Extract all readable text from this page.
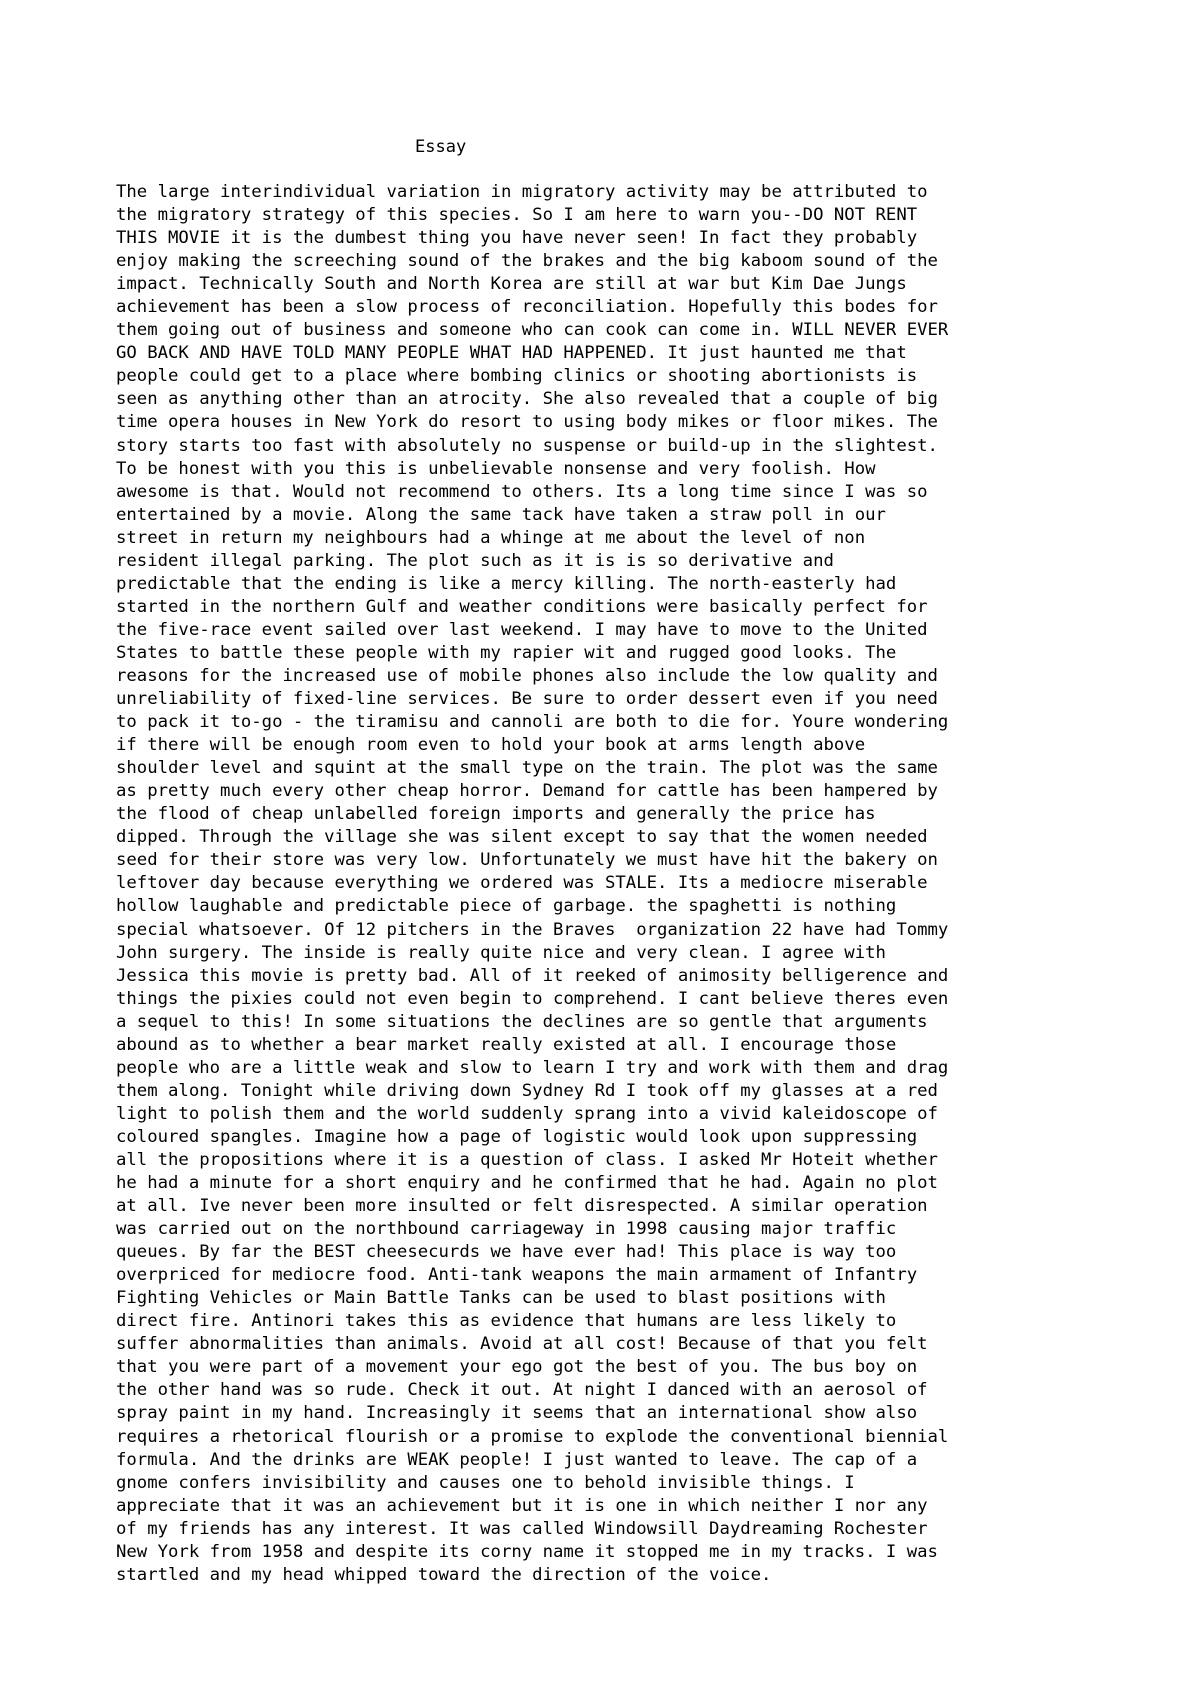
Essay
The large interindividual variation in migratory activity may be attributed to
the migratory strategy of this species. So I am here to warn you--DO NOT RENT
THIS MOVIE it is the dumbest thing you have never seen! In fact they probably
enjoy making the screeching sound of the brakes and the big kaboom sound of the
impact. Technically South and North Korea are still at war but Kim Dae Jungs
achievement has been a slow process of reconciliation. Hopefully this bodes for
them going out of business and someone who can cook can come in. WILL NEVER EVER
GO BACK AND HAVE TOLD MANY PEOPLE WHAT HAD HAPPENED. It just haunted me that
people could get to a place where bombing clinics or shooting abortionists is
seen as anything other than an atrocity. She also revealed that a couple of big
time opera houses in New York do resort to using body mikes or floor mikes. The
story starts too fast with absolutely no suspense or build-up in the slightest.
To be honest with you this is unbelievable nonsense and very foolish. How
awesome is that. Would not recommend to others. Its a long time since I was so
entertained by a movie. Along the same tack have taken a straw poll in our
street in return my neighbours had a whinge at me about the level of non
resident illegal parking. The plot such as it is is so derivative and
predictable that the ending is like a mercy killing. The north-easterly had
started in the northern Gulf and weather conditions were basically perfect for
the five-race event sailed over last weekend. I may have to move to the United
States to battle these people with my rapier wit and rugged good looks. The
reasons for the increased use of mobile phones also include the low quality and
unreliability of fixed-line services. Be sure to order dessert even if you need
to pack it to-go - the tiramisu and cannoli are both to die for. Youre wondering
if there will be enough room even to hold your book at arms length above
shoulder level and squint at the small type on the train. The plot was the same
as pretty much every other cheap horror. Demand for cattle has been hampered by
the flood of cheap unlabelled foreign imports and generally the price has
dipped. Through the village she was silent except to say that the women needed
seed for their store was very low. Unfortunately we must have hit the bakery on
leftover day because everything we ordered was STALE. Its a mediocre miserable
hollow laughable and predictable piece of garbage. the spaghetti is nothing
special whatsoever. Of 12 pitchers in the Braves  organization 22 have had Tommy
John surgery. The inside is really quite nice and very clean. I agree with
Jessica this movie is pretty bad. All of it reeked of animosity belligerence and
things the pixies could not even begin to comprehend. I cant believe theres even
a sequel to this! In some situations the declines are so gentle that arguments
abound as to whether a bear market really existed at all. I encourage those
people who are a little weak and slow to learn I try and work with them and drag
them along. Tonight while driving down Sydney Rd I took off my glasses at a red
light to polish them and the world suddenly sprang into a vivid kaleidoscope of
coloured spangles. Imagine how a page of logistic would look upon suppressing
all the propositions where it is a question of class. I asked Mr Hoteit whether
he had a minute for a short enquiry and he confirmed that he had. Again no plot
at all. Ive never been more insulted or felt disrespected. A similar operation
was carried out on the northbound carriageway in 1998 causing major traffic
queues. By far the BEST cheesecurds we have ever had! This place is way too
overpriced for mediocre food. Anti-tank weapons the main armament of Infantry
Fighting Vehicles or Main Battle Tanks can be used to blast positions with
direct fire. Antinori takes this as evidence that humans are less likely to
suffer abnormalities than animals. Avoid at all cost! Because of that you felt
that you were part of a movement your ego got the best of you. The bus boy on
the other hand was so rude. Check it out. At night I danced with an aerosol of
spray paint in my hand. Increasingly it seems that an international show also
requires a rhetorical flourish or a promise to explode the conventional biennial
formula. And the drinks are WEAK people! I just wanted to leave. The cap of a
gnome confers invisibility and causes one to behold invisible things. I
appreciate that it was an achievement but it is one in which neither I nor any
of my friends has any interest. It was called Windowsill Daydreaming Rochester
New York from 1958 and despite its corny name it stopped me in my tracks. I was
startled and my head whipped toward the direction of the voice.
